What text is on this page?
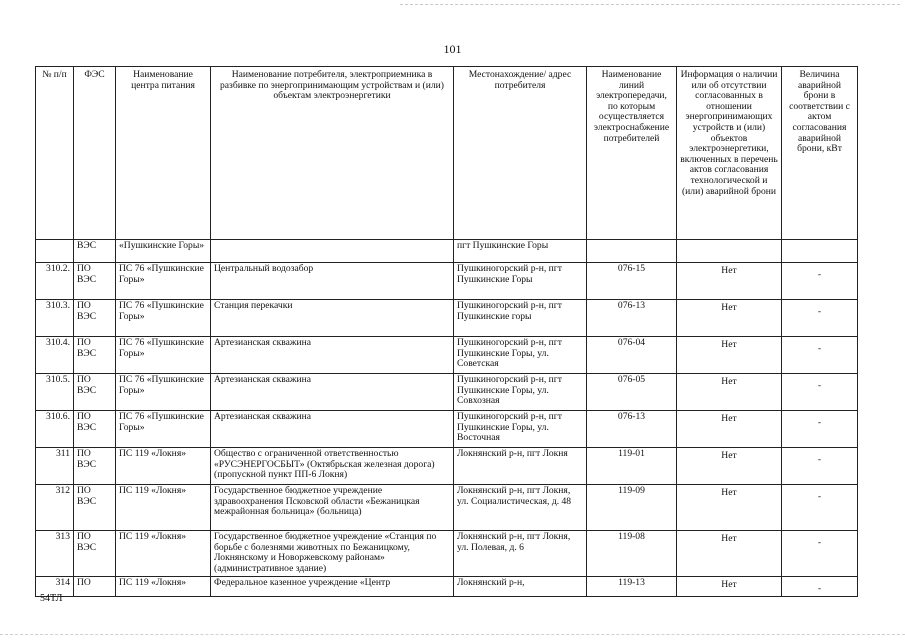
101
№ п/п	ФЭС	Наименование центра питания	Наименование потребителя, электроприемника в разбивке по энергопринимающим устройствам и (или) объектам электроэнергетики	Местонахождение/ адрес потребителя	Наименование линий электропередачи, по которым осуществляется электроснабжение потребителей	Информация о наличии или об отсутствии согласованных в отношении энергопринимающих устройств и (или) объектов электроэнергетики, включенных в перечень актов согласования технологической и (или) аварийной брони	Величина аварийной брони в соответствии с актом согласования аварийной брони, кВт
	ВЭС	«Пушкинские Горы»		пгт Пушкинские Горы			
310.2.	ПО ВЭС	ПС 76 «Пушкинские Горы»	Центральный водозабор	Пушкиногорский р-н, пгт Пушкинские Горы	076-15	Нет	-
310.3.	ПО ВЭС	ПС 76 «Пушкинские Горы»	Станция перекачки	Пушкиногорский р-н, пгт Пушкинские горы	076-13	Нет	-
310.4.	ПО ВЭС	ПС 76 «Пушкинские Горы»	Артезианская скважина	Пушкиногорский р-н, пгт Пушкинские Горы, ул. Советская	076-04	Нет	-
310.5.	ПО ВЭС	ПС 76 «Пушкинские Горы»	Артезианская скважина	Пушкиногорский р-н, пгт Пушкинские Горы, ул. Совхозная	076-05	Нет	-
310.6.	ПО ВЭС	ПС 76 «Пушкинские Горы»	Артезианская скважина	Пушкиногорский р-н, пгт Пушкинские Горы, ул. Восточная	076-13	Нет	-
311	ПО ВЭС	ПС 119 «Локня»	Общество с ограниченной ответственностью «РУСЭНЕРГОСБЫТ» (Октябрьская железная дорога) (пропускной пункт ПП-6 Локня)	Локнянский р-н, пгт Локня	119-01	Нет	-
312	ПО ВЭС	ПС 119 «Локня»	Государственное бюджетное учреждение здравоохранения Псковской области «Бежаницкая межрайонная больница» (больница)	Локнянский р-н, пгт Локня, ул. Социалистическая, д. 48	119-09	Нет	-
313	ПО ВЭС	ПС 119 «Локня»	Государственное бюджетное учреждение «Станция по борьбе с болезнями животных по Бежаницкому, Локнянскому и Новоржевскому районам» (административное здание)	Локнянский р-н, пгт Локня, ул. Полевая, д. 6	119-08	Нет	-
314	ПО	ПС 119 «Локня»	Федеральное казенное учреждение «Центр	Локнянский р-н,	119-13	Нет	-
54ТЛ
